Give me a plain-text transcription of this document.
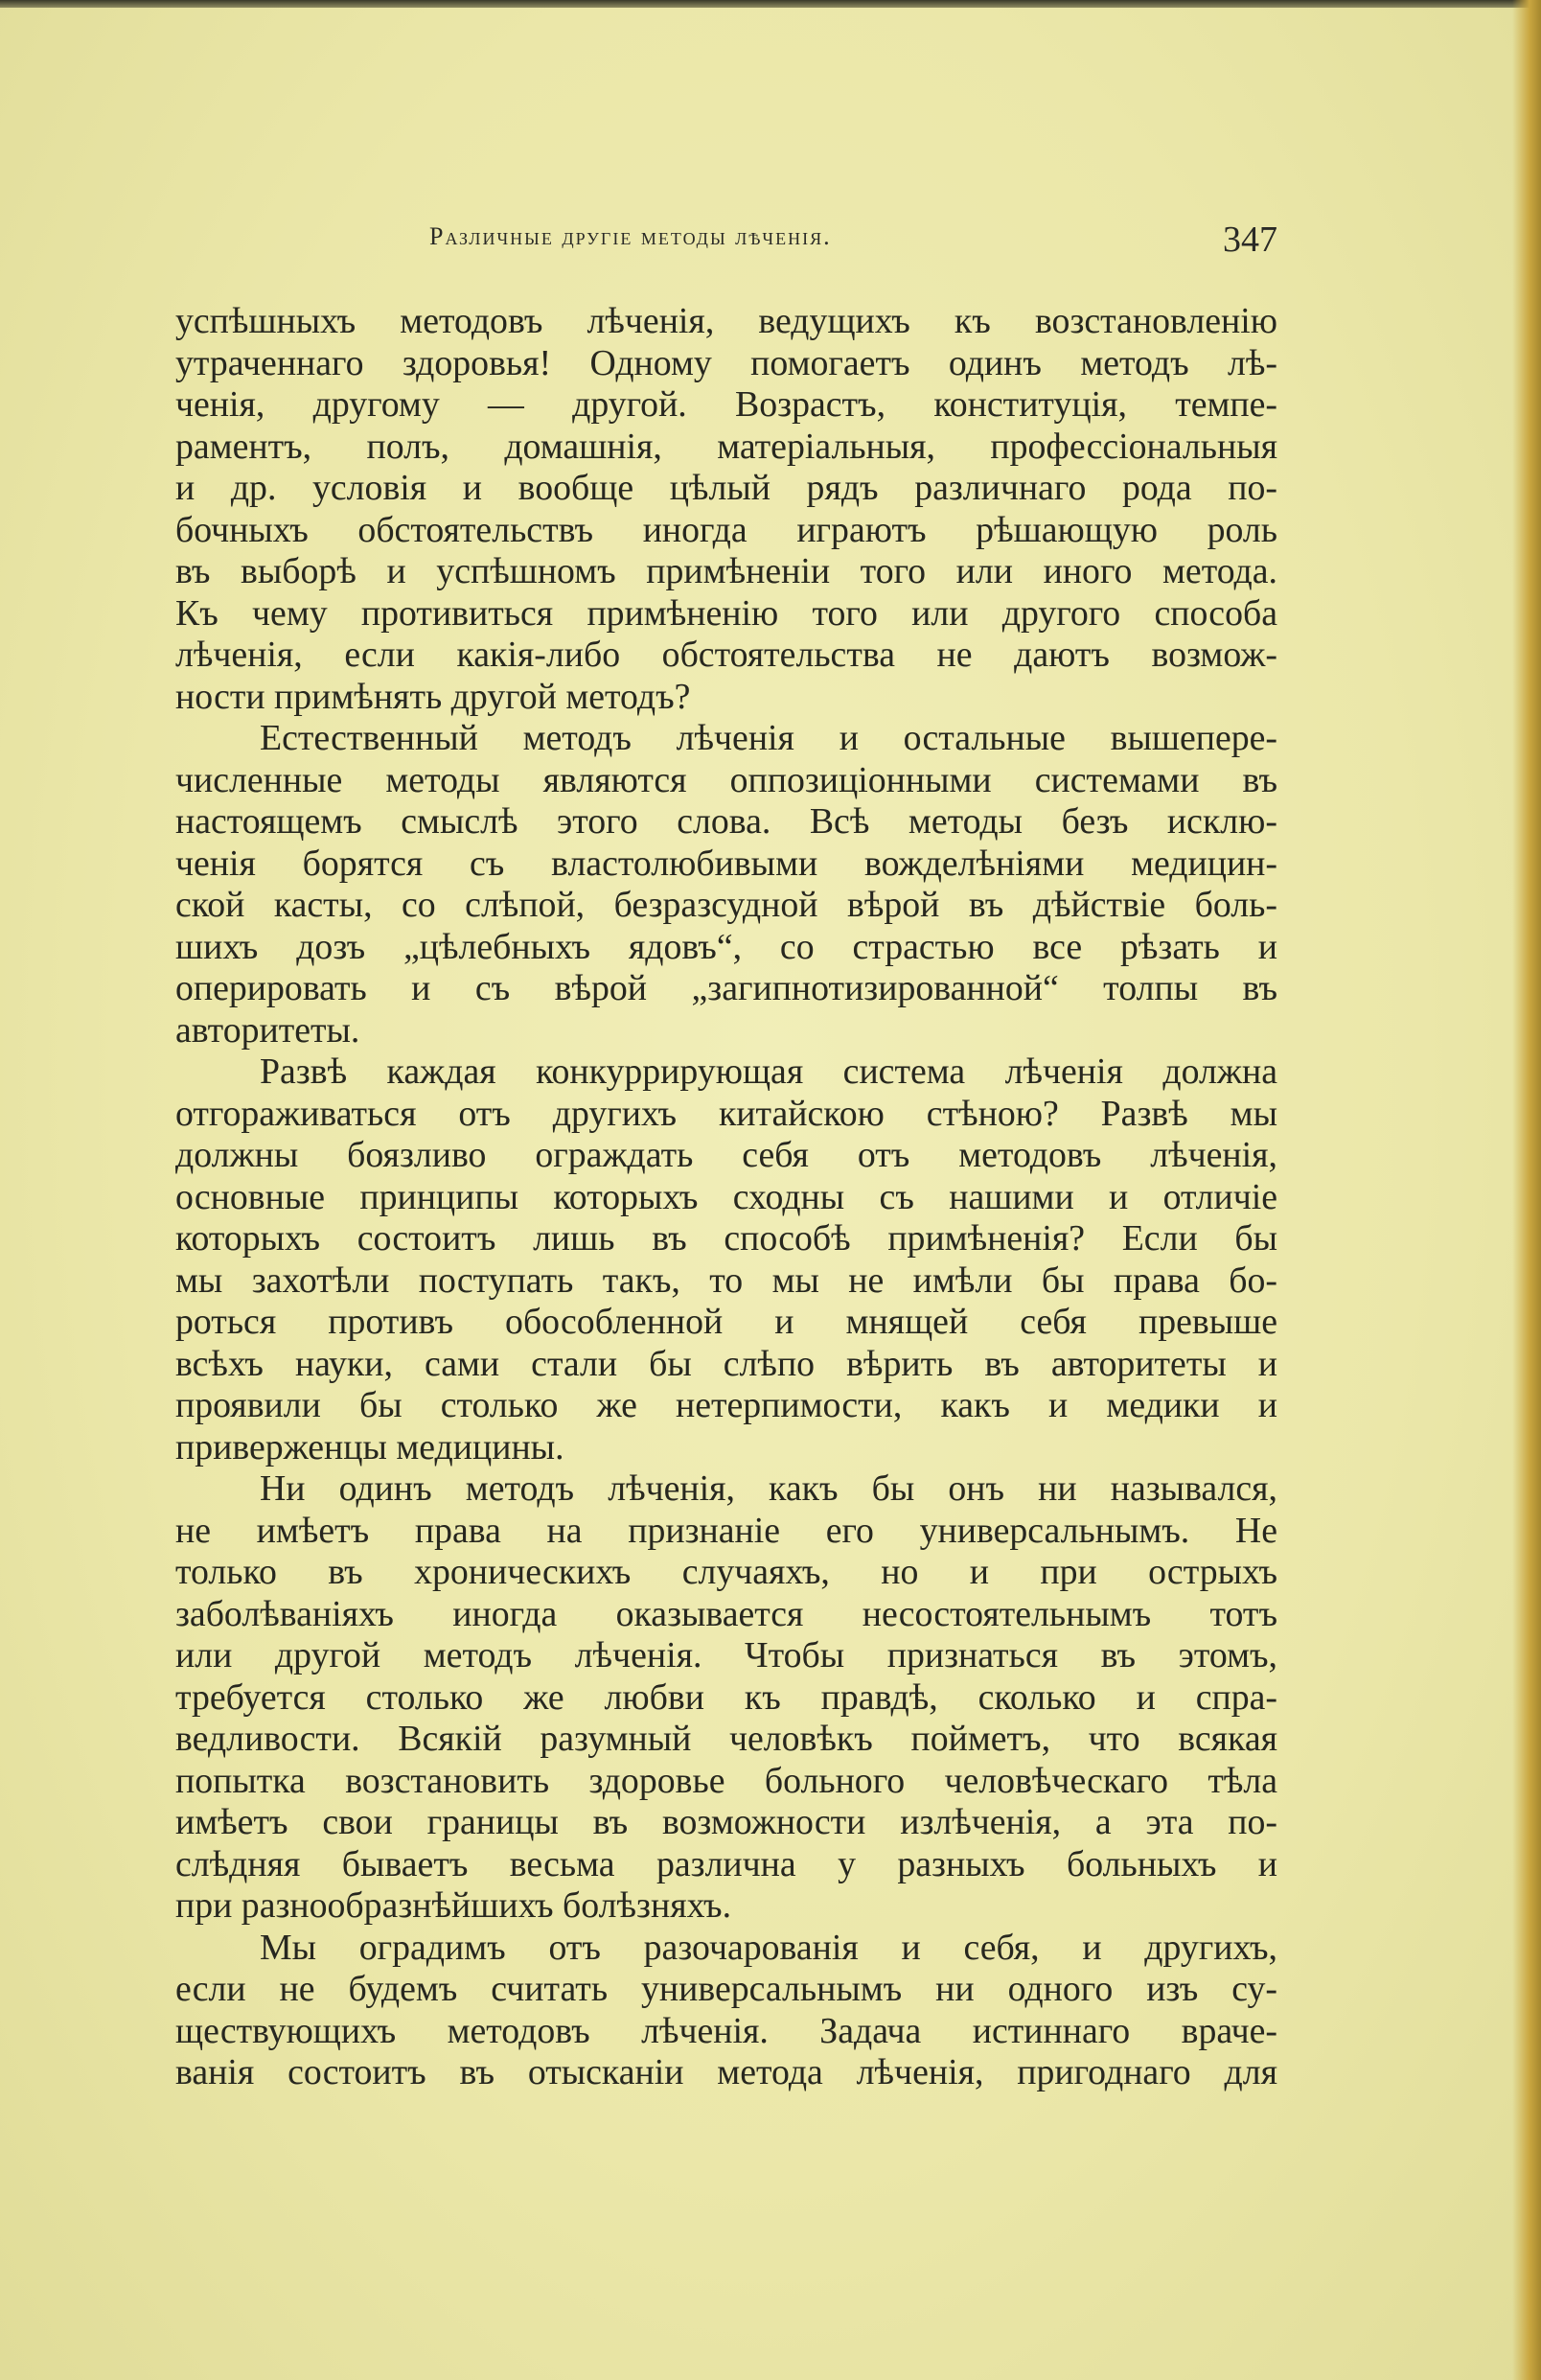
Различные другіе методы лѣченія.	347
успѣшныхъ методовъ лѣченія, ведущихъ къ возстановленію
утраченнаго здоровья! Одному помогаетъ одинъ методъ лѣ-
ченія, другому — другой. Возрастъ, конституція, темпе-
раментъ, полъ, домашнія, матеріальныя, профессіональныя
и др. условія и вообще цѣлый рядъ различнаго рода по-
бочныхъ обстоятельствъ иногда играютъ рѣшающую роль
въ выборѣ и успѣшномъ примѣненіи того или иного метода.
Къ чему противиться примѣненію того или другого способа
лѣченія, если какія-либо обстоятельства не даютъ возмож-
ности примѣнять другой методъ?
Естественный методъ лѣченія и остальные вышепере-
численные методы являются оппозиціонными системами въ
настоящемъ смыслѣ этого слова. Всѣ методы безъ исклю-
ченія борятся съ властолюбивыми вожделѣніями медицин-
ской касты, со слѣпой, безразсудной вѣрой въ дѣйствіе боль-
шихъ дозъ „цѣлебныхъ ядовъ“, со страстью все рѣзать и
оперировать и съ вѣрой „загипнотизированной“ толпы въ
авторитеты.
Развѣ каждая конкуррирующая система лѣченія должна
отгораживаться отъ другихъ китайскою стѣною? Развѣ мы
должны боязливо ограждать себя отъ методовъ лѣченія,
основные принципы которыхъ сходны съ нашими и отличіе
которыхъ состоитъ лишь въ способѣ примѣненія? Если бы
мы захотѣли поступать такъ, то мы не имѣли бы права бо-
роться противъ обособленной и мнящей себя превыше
всѣхъ науки, сами стали бы слѣпо вѣрить въ авторитеты и
проявили бы столько же нетерпимости, какъ и медики и
приверженцы медицины.
Ни одинъ методъ лѣченія, какъ бы онъ ни назывался,
не имѣетъ права на признаніе его универсальнымъ. Не
только въ хроническихъ случаяхъ, но и при острыхъ
заболѣваніяхъ иногда оказывается несостоятельнымъ тотъ
или другой методъ лѣченія. Чтобы признаться въ этомъ,
требуется столько же любви къ правдѣ, сколько и спра-
ведливости. Всякій разумный человѣкъ пойметъ, что всякая
попытка возстановить здоровье больного человѣческаго тѣла
имѣетъ свои границы въ возможности излѣченія, а эта по-
слѣдняя бываетъ весьма различна у разныхъ больныхъ и
при разнообразнѣйшихъ болѣзняхъ.
Мы оградимъ отъ разочарованія и себя, и другихъ,
если не будемъ считать универсальнымъ ни одного изъ су-
ществующихъ методовъ лѣченія. Задача истиннаго враче-
ванія состоитъ въ отысканіи метода лѣченія, пригоднаго для
